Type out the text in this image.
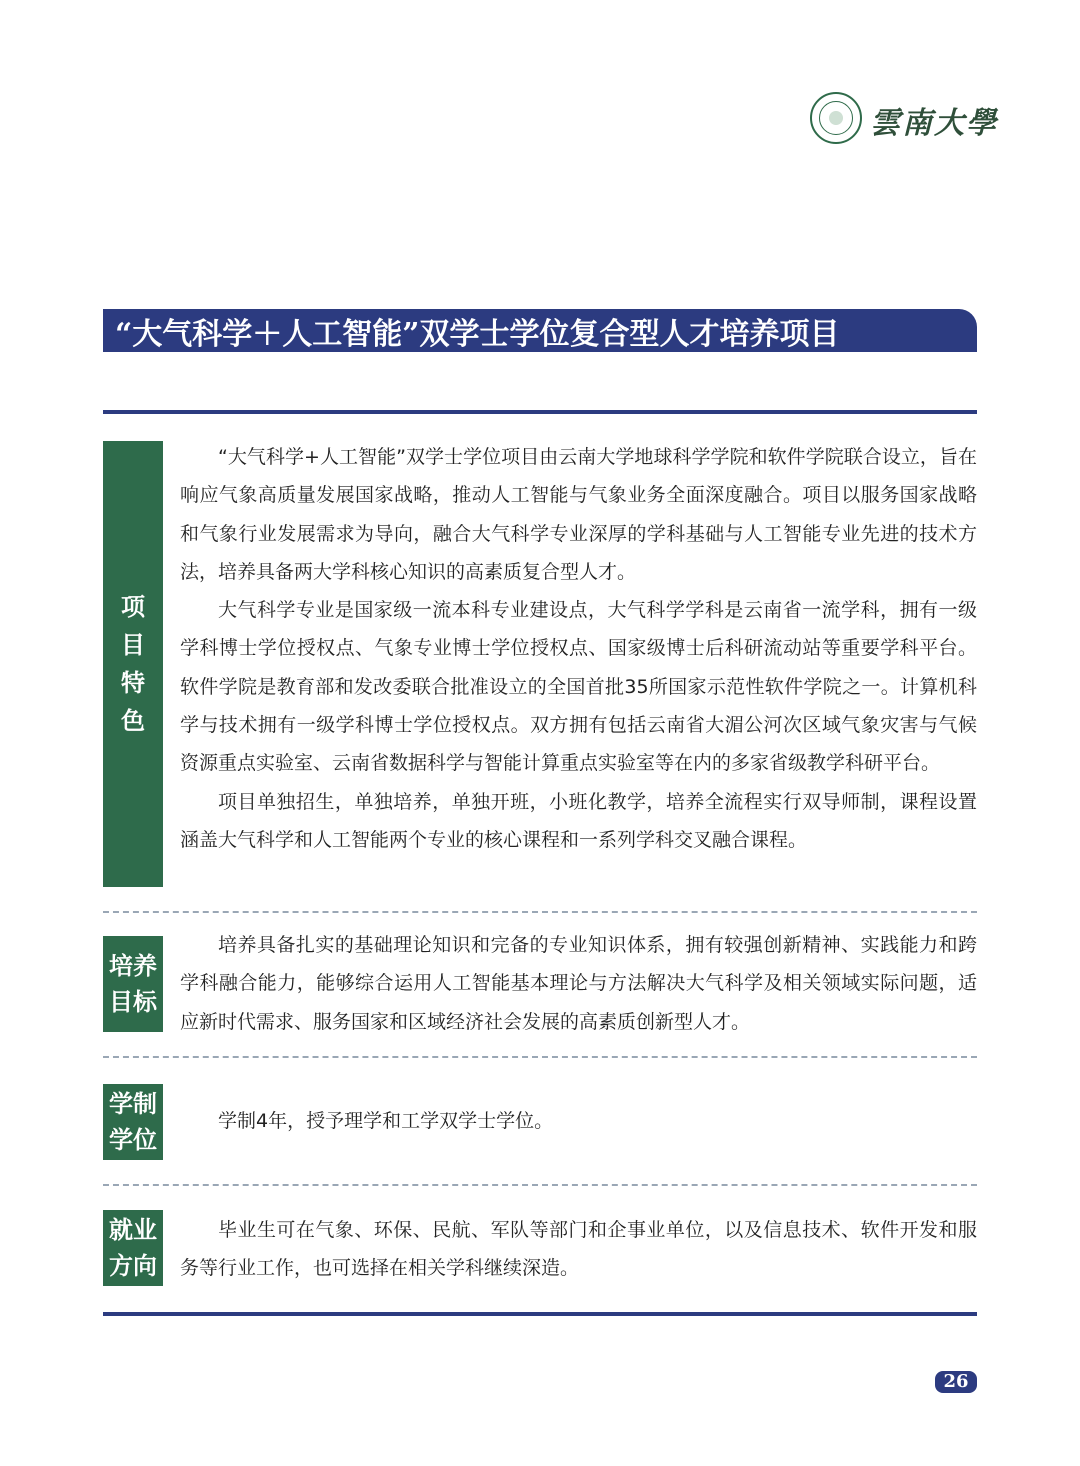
雲南大學
“大气科学＋人工智能”双学士学位复合型人才培养项目
项目特色

“大气科学+人工智能”双学士学位项目由云南大学地球科学学院和软件学院联合设立，旨在响应气象高质量发展国家战略，推动人工智能与气象业务全面深度融合。项目以服务国家战略和气象行业发展需求为导向，融合大气科学专业深厚的学科基础与人工智能专业先进的技术方法，培养具备两大学科核心知识的高素质复合型人才。

大气科学专业是国家级一流本科专业建设点，大气科学学科是云南省一流学科，拥有一级学科博士学位授权点、气象专业博士学位授权点、国家级博士后科研流动站等重要学科平台。软件学院是教育部和发改委联合批准设立的全国首批35所国家示范性软件学院之一。计算机科学与技术拥有一级学科博士学位授权点。双方拥有包括云南省大湄公河次区域气象灾害与气候资源重点实验室、云南省数据科学与智能计算重点实验室等在内的多家省级教学科研平台。

项目单独招生，单独培养，单独开班，小班化教学，培养全流程实行双导师制，课程设置涵盖大气科学和人工智能两个专业的核心课程和一系列学科交叉融合课程。

培养目标

培养具备扎实的基础理论知识和完备的专业知识体系，拥有较强创新精神、实践能力和跨学科融合能力，能够综合运用人工智能基本理论与方法解决大气科学及相关领域实际问题，适应新时代需求、服务国家和区域经济社会发展的高素质创新型人才。

学制学位

学制4年，授予理学和工学双学士学位。

就业方向

毕业生可在气象、环保、民航、军队等部门和企事业单位，以及信息技术、软件开发和服务等行业工作，也可选择在相关学科继续深造。

26
